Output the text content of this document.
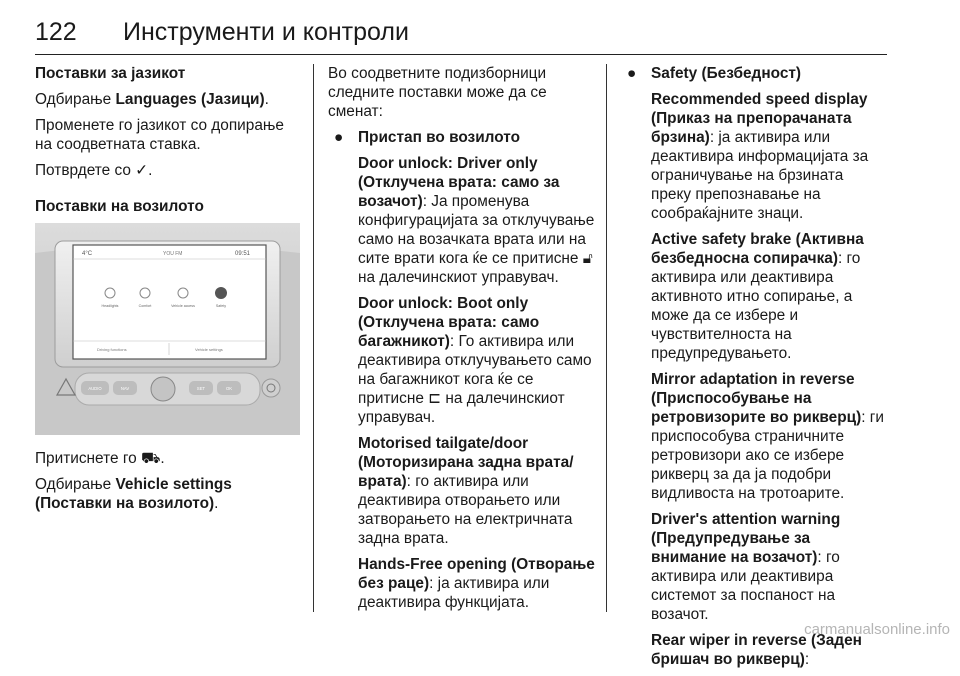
122 Инструменти и контроли

Поставки за јазикот

Одбирање Languages (Јазици).

Променете го јазикот со допирање на соодветната ставка.

Потврдете со ✓.

Поставки на возилото

4°C	YOU FM	09:51
Headlights	Comfort	Vehicle access	Safety
Driving functions	Vehicle settings
AUDIO	NAV	SET	OK

Притиснете го ⛟.

Одбирање Vehicle settings (Поставки на возилото).

Во соодветните подизборници следните поставки може да се сменат:

● Пристап во возилото

Door unlock: Driver only (Отклучена врата: само за возачот): Ја променува конфигурацијата за отклучување само на возачката врата или на сите врати кога ќе се притисне 🔓︎ на далечинскиот управувач.

Door unlock: Boot only (Отклучена врата: само багажникот): Го активира или деактивира отклучувањето само на багажникот кога ќе се притисне ⊏ на далечинскиот управувач.

Motorised tailgate/door (Моторизирана задна врата/ врата): го активира или деактивира отворањето или затворањето на електричната задна врата.

Hands-Free opening (Отворање без раце): ја активира или деактивира функцијата.

● Safety (Безбедност)

Recommended speed display (Приказ на препорачаната брзина): ја активира или деактивира информацијата за ограничување на брзината преку препознавање на сообраќајните знаци.

Active safety brake (Активна безбедносна сопирачка): го активира или деактивира активното итно сопирање, а може да се избере и чувствителноста на предупредувањето.

Mirror adaptation in reverse (Приспособување на ретровизорите во рикверц): ги приспособува страничните ретровизори ако се избере рикверц за да ја подобри видливоста на тротоарите.

Driver's attention warning (Предупредување за внимание на возачот): го активира или деактивира системот за поспаност на возачот.

Rear wiper in reverse (Заден бришач во рикверц):

carmanualsonline.info
